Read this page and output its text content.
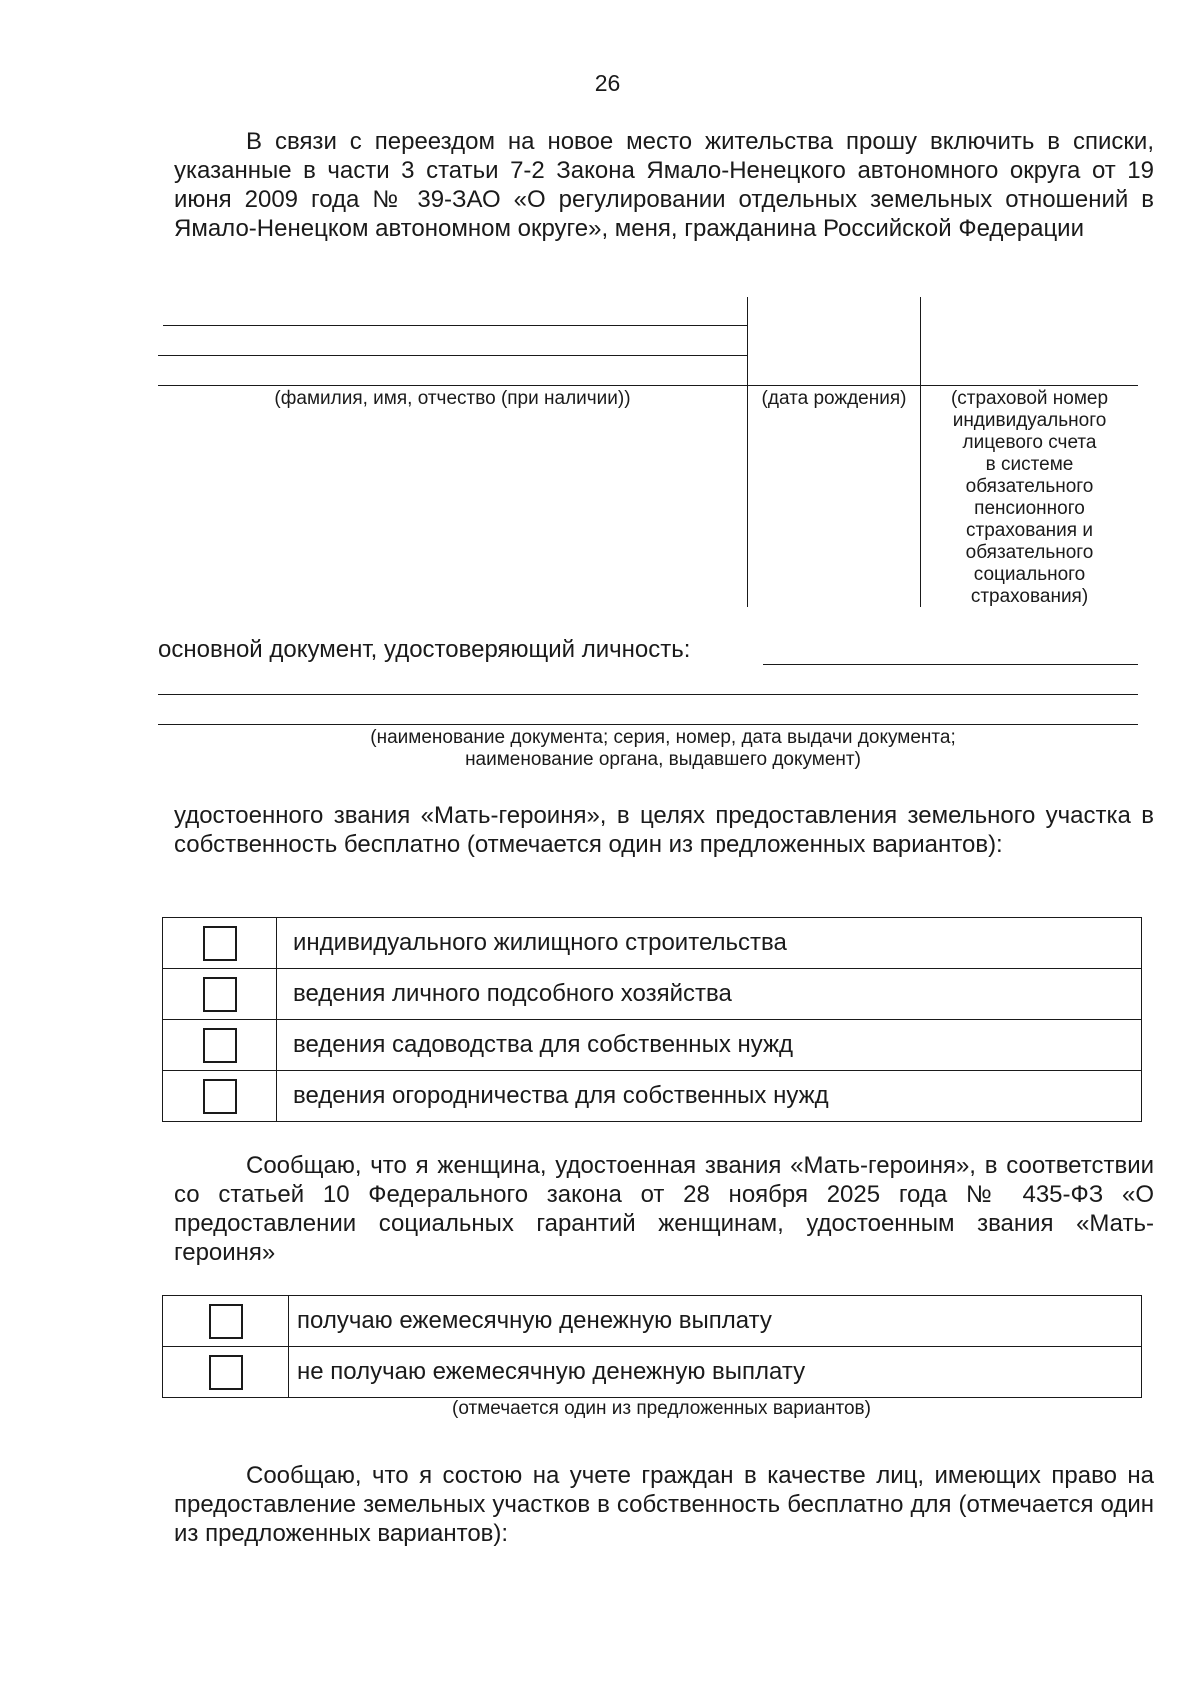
26
В связи с переездом на новое место жительства прошу включить в списки, указанные в части 3 статьи 7-2 Закона Ямало-Ненецкого автономного округа от 19 июня 2009 года № 39-ЗАО «О регулировании отдельных земельных отношений в Ямало-Ненецком автономном округе», меня, гражданина Российской Федерации
(фамилия, имя, отчество (при наличии))	(дата рождения)	(страховой номер
индивидуального
лицевого счета
в системе
обязательного
пенсионного
страхования и
обязательного
социального
страхования)
основной документ, удостоверяющий личность:
(наименование документа; серия, номер, дата выдачи документа;
наименование органа, выдавшего документ)
удостоенного звания «Мать-героиня», в целях предоставления земельного участка в собственность бесплатно (отмечается один из предложенных вариантов):
	индивидуального жилищного строительства
	ведения личного подсобного хозяйства
	ведения садоводства для собственных нужд
	ведения огородничества для собственных нужд
Сообщаю, что я женщина, удостоенная звания «Мать-героиня», в соответствии со статьей 10 Федерального закона от 28 ноября 2025 года № 435-ФЗ «О предоставлении социальных гарантий женщинам, удостоенным звания «Мать-героиня»
	получаю ежемесячную денежную выплату
	не получаю ежемесячную денежную выплату
(отмечается один из предложенных вариантов)
Сообщаю, что я состою на учете граждан в качестве лиц, имеющих право на предоставление земельных участков в собственность бесплатно для (отмечается один из предложенных вариантов):
